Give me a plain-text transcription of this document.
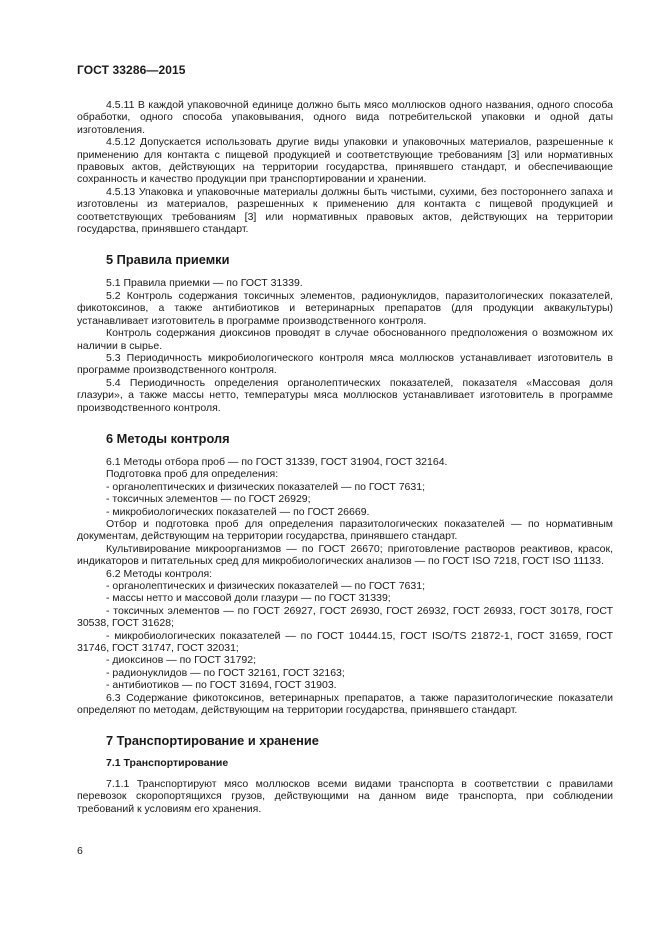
ГОСТ 33286—2015

4.5.11 В каждой упаковочной единице должно быть мясо моллюсков одного названия, одного способа обработки, одного способа упаковывания, одного вида потребительской упаковки и одной даты изготовления.

4.5.12 Допускается использовать другие виды упаковки и упаковочных материалов, разрешенные к применению для контакта с пищевой продукцией и соответствующие требованиям [3] или нормативных правовых актов, действующих на территории государства, принявшего стандарт, и обеспечивающие сохранность и качество продукции при транспортировании и хранении.

4.5.13 Упаковка и упаковочные материалы должны быть чистыми, сухими, без постороннего запаха и изготовлены из материалов, разрешенных к применению для контакта с пищевой продукцией и соответствующих требованиям [3] или нормативных правовых актов, действующих на территории государства, принявшего стандарт.

5 Правила приемки

5.1 Правила приемки — по ГОСТ 31339.

5.2 Контроль содержания токсичных элементов, радионуклидов, паразитологических показателей, фикотоксинов, а также антибиотиков и ветеринарных препаратов (для продукции аквакультуры) устанавливает изготовитель в программе производственного контроля.

Контроль содержания диоксинов проводят в случае обоснованного предположения о возможном их наличии в сырье.

5.3 Периодичность микробиологического контроля мяса моллюсков устанавливает изготовитель в программе производственного контроля.

5.4 Периодичность определения органолептических показателей, показателя «Массовая доля глазури», а также массы нетто, температуры мяса моллюсков устанавливает изготовитель в программе производственного контроля.

6 Методы контроля

6.1 Методы отбора проб — по ГОСТ 31339, ГОСТ 31904, ГОСТ 32164.

Подготовка проб для определения:

- органолептических и физических показателей — по ГОСТ 7631;

- токсичных элементов — по ГОСТ 26929;

- микробиологических показателей — по ГОСТ 26669.

Отбор и подготовка проб для определения паразитологических показателей — по нормативным документам, действующим на территории государства, принявшего стандарт.

Культивирование микроорганизмов — по ГОСТ 26670; приготовление растворов реактивов, красок, индикаторов и питательных сред для микробиологических анализов — по ГОСТ ISO 7218, ГОСТ ISO 11133.

6.2 Методы контроля:

- органолептических и физических показателей — по ГОСТ 7631;

- массы нетто и массовой доли глазури — по ГОСТ 31339;

- токсичных элементов — по ГОСТ 26927, ГОСТ 26930, ГОСТ 26932, ГОСТ 26933, ГОСТ 30178, ГОСТ 30538, ГОСТ 31628;

- микробиологических показателей — по ГОСТ 10444.15, ГОСТ ISO/TS 21872-1, ГОСТ 31659, ГОСТ 31746, ГОСТ 31747, ГОСТ 32031;

- диоксинов — по ГОСТ 31792;

- радионуклидов — по ГОСТ 32161, ГОСТ 32163;

- антибиотиков — по ГОСТ 31694, ГОСТ 31903.

6.3 Содержание фикотоксинов, ветеринарных препаратов, а также паразитологические показатели определяют по методам, действующим на территории государства, принявшего стандарт.

7 Транспортирование и хранение
7.1 Транспортирование

7.1.1 Транспортируют мясо моллюсков всеми видами транспорта в соответствии с правилами перевозок скоропортящихся грузов, действующими на данном виде транспорта, при соблюдении требований к условиям его хранения.

6
